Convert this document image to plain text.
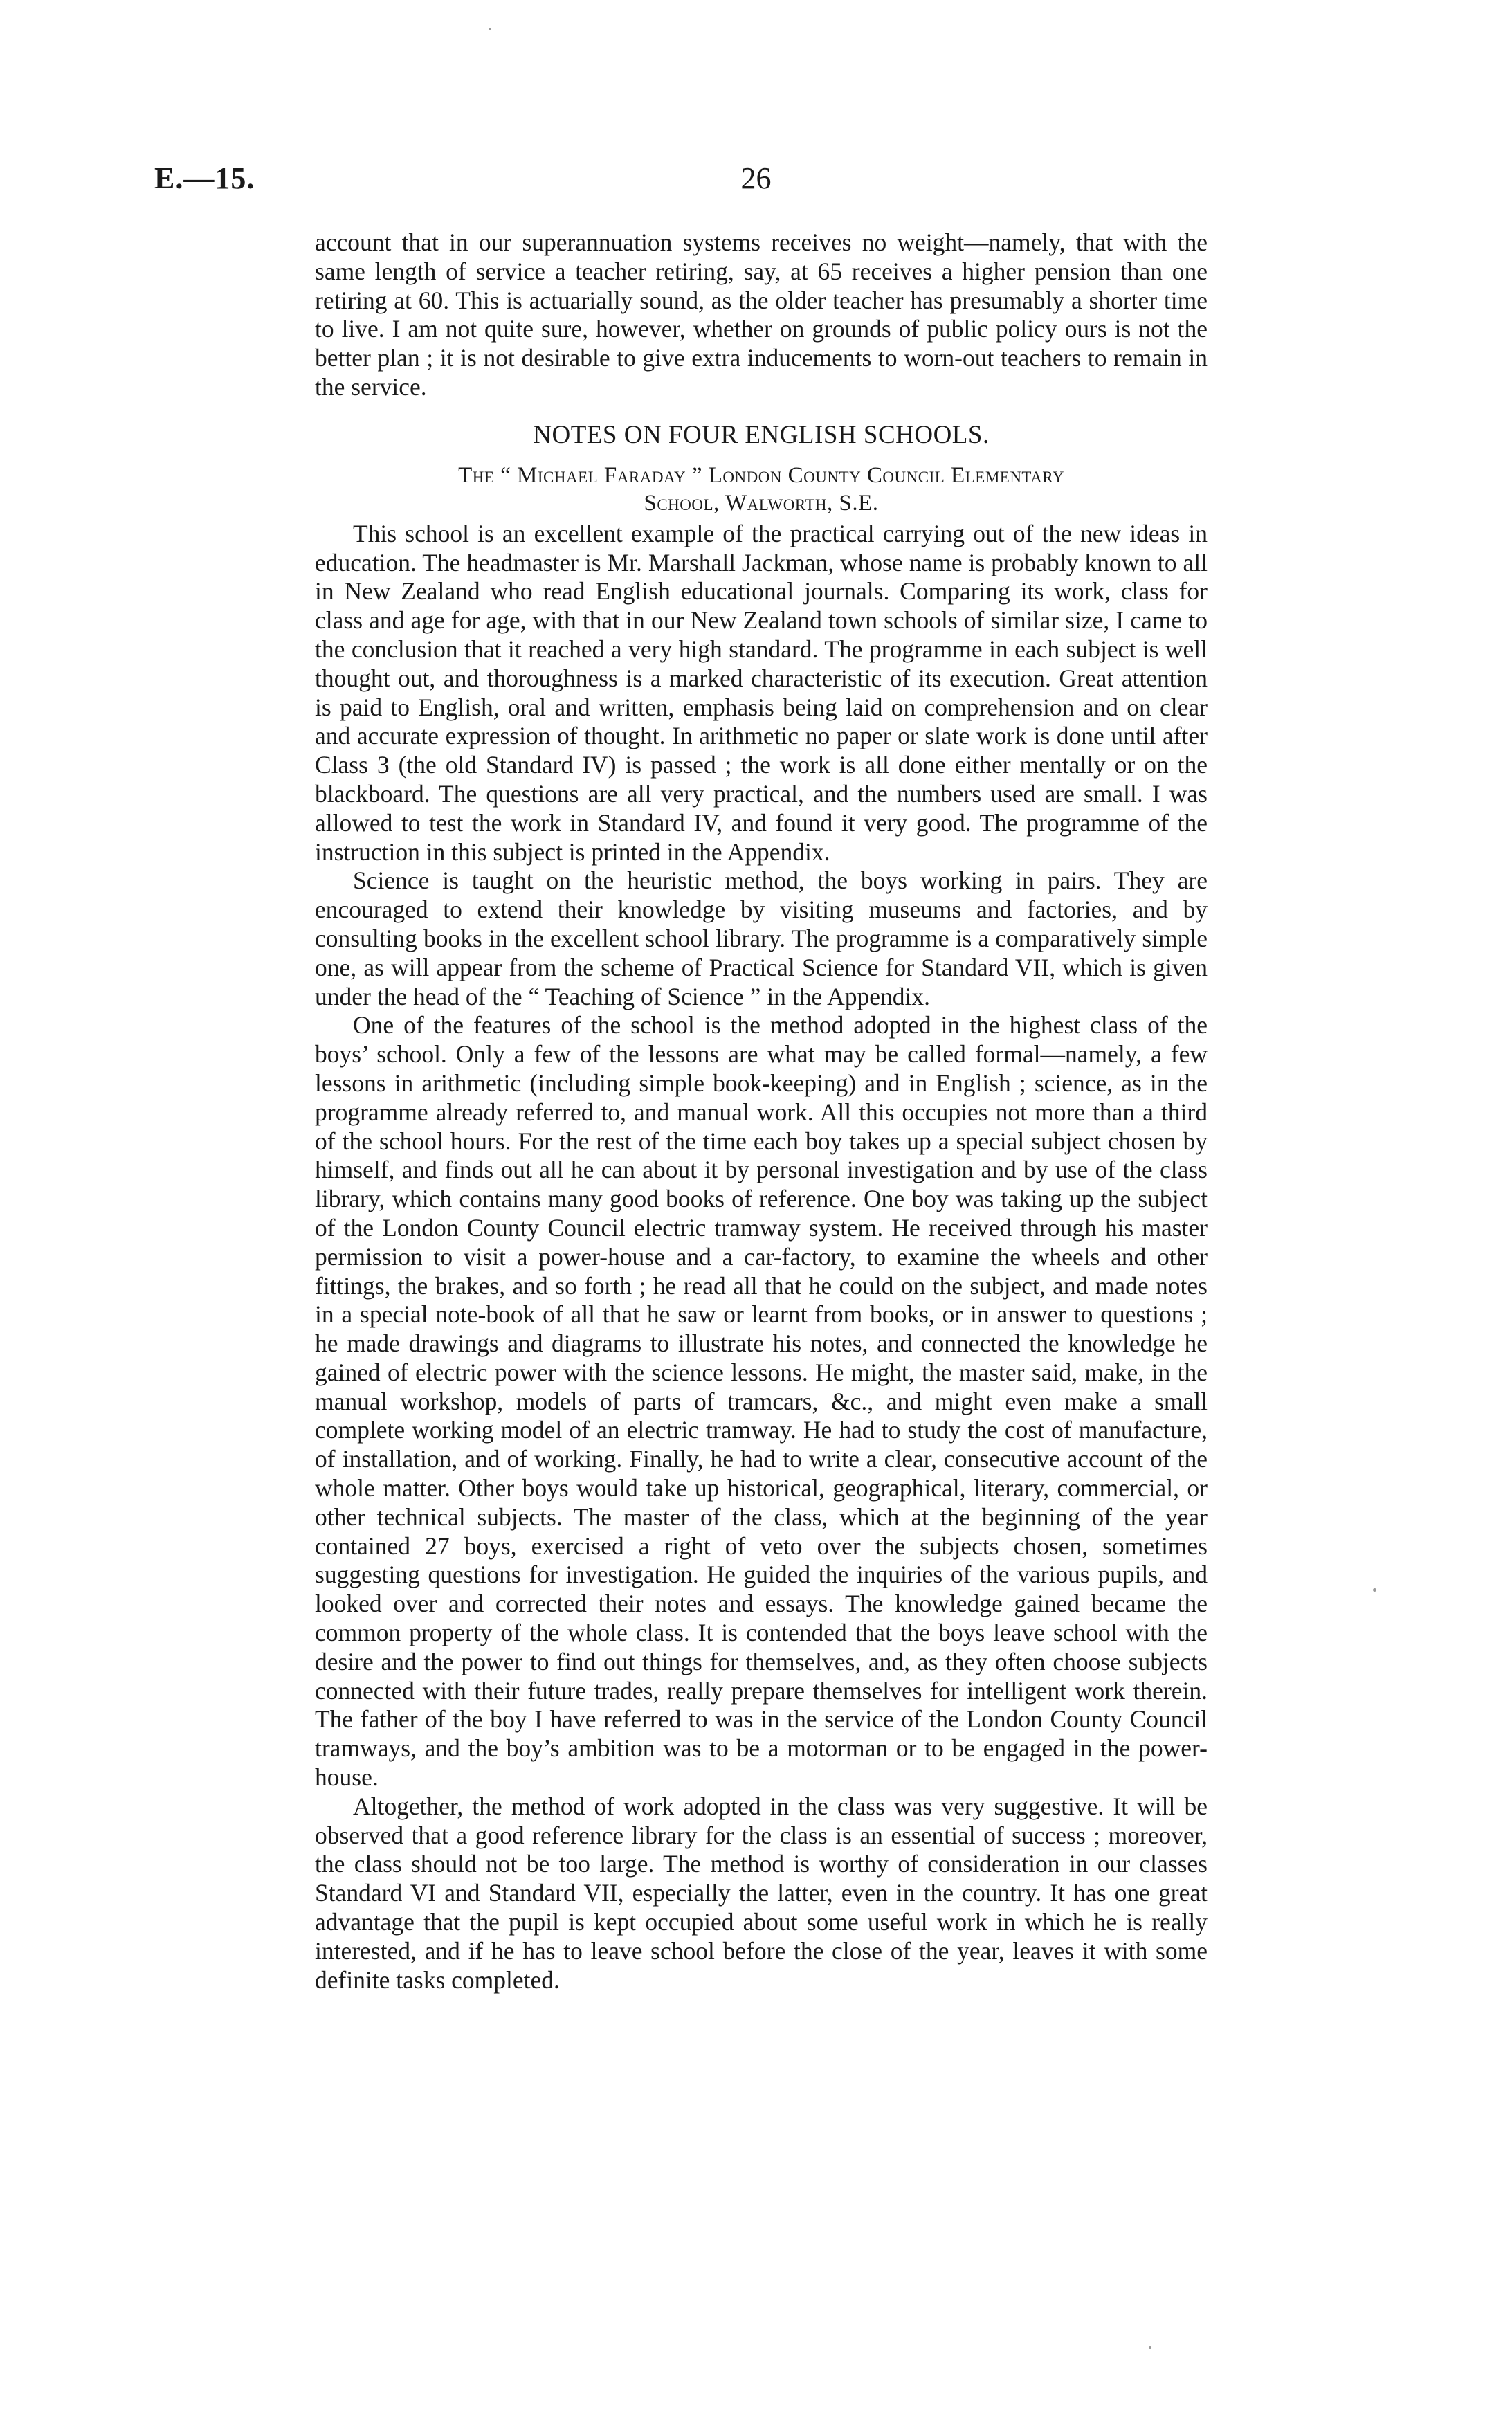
E.—15.	26

account that in our superannuation systems receives no weight—namely, that with the same length of service a teacher retiring, say, at 65 receives a higher pension than one retiring at 60. This is actuarially sound, as the older teacher has presumably a shorter time to live. I am not quite sure, however, whether on grounds of public policy ours is not the better plan ; it is not desirable to give extra inducements to worn-out teachers to remain in the service.

NOTES ON FOUR ENGLISH SCHOOLS.
The “ Michael Faraday ” London County Council Elementary
School, Walworth, S.E.

This school is an excellent example of the practical carrying out of the new ideas in education. The headmaster is Mr. Marshall Jackman, whose name is probably known to all in New Zealand who read English educational journals. Comparing its work, class for class and age for age, with that in our New Zealand town schools of similar size, I came to the conclusion that it reached a very high standard. The programme in each subject is well thought out, and thoroughness is a marked characteristic of its execution. Great attention is paid to English, oral and written, emphasis being laid on comprehension and on clear and accurate expression of thought. In arithmetic no paper or slate work is done until after Class 3 (the old Standard IV) is passed ; the work is all done either mentally or on the blackboard. The questions are all very practical, and the numbers used are small. I was allowed to test the work in Standard IV, and found it very good. The programme of the instruction in this subject is printed in the Appendix.

Science is taught on the heuristic method, the boys working in pairs. They are encouraged to extend their knowledge by visiting museums and factories, and by consulting books in the excellent school library. The programme is a comparatively simple one, as will appear from the scheme of Practical Science for Standard VII, which is given under the head of the “ Teaching of Science ” in the Appendix.

One of the features of the school is the method adopted in the highest class of the boys’ school. Only a few of the lessons are what may be called formal—namely, a few lessons in arithmetic (including simple book-keeping) and in English ; science, as in the programme already referred to, and manual work. All this occupies not more than a third of the school hours. For the rest of the time each boy takes up a special subject chosen by himself, and finds out all he can about it by personal investigation and by use of the class library, which contains many good books of reference. One boy was taking up the subject of the London County Council electric tramway system. He received through his master permission to visit a power-house and a car-factory, to examine the wheels and other fittings, the brakes, and so forth ; he read all that he could on the subject, and made notes in a special note-book of all that he saw or learnt from books, or in answer to questions ; he made drawings and diagrams to illustrate his notes, and connected the knowledge he gained of electric power with the science lessons. He might, the master said, make, in the manual workshop, models of parts of tramcars, &c., and might even make a small complete working model of an electric tramway. He had to study the cost of manufacture, of installation, and of working. Finally, he had to write a clear, consecutive account of the whole matter. Other boys would take up historical, geographical, literary, commercial, or other technical subjects. The master of the class, which at the beginning of the year contained 27 boys, exercised a right of veto over the subjects chosen, sometimes suggesting questions for investigation. He guided the inquiries of the various pupils, and looked over and corrected their notes and essays. The knowledge gained became the common property of the whole class. It is contended that the boys leave school with the desire and the power to find out things for themselves, and, as they often choose subjects connected with their future trades, really prepare themselves for intelligent work therein. The father of the boy I have referred to was in the service of the London County Council tramways, and the boy’s ambition was to be a motorman or to be engaged in the power-house.

Altogether, the method of work adopted in the class was very suggestive. It will be observed that a good reference library for the class is an essential of success ; moreover, the class should not be too large. The method is worthy of consideration in our classes Standard VI and Standard VII, especially the latter, even in the country. It has one great advantage that the pupil is kept occupied about some useful work in which he is really interested, and if he has to leave school before the close of the year, leaves it with some definite tasks completed.
